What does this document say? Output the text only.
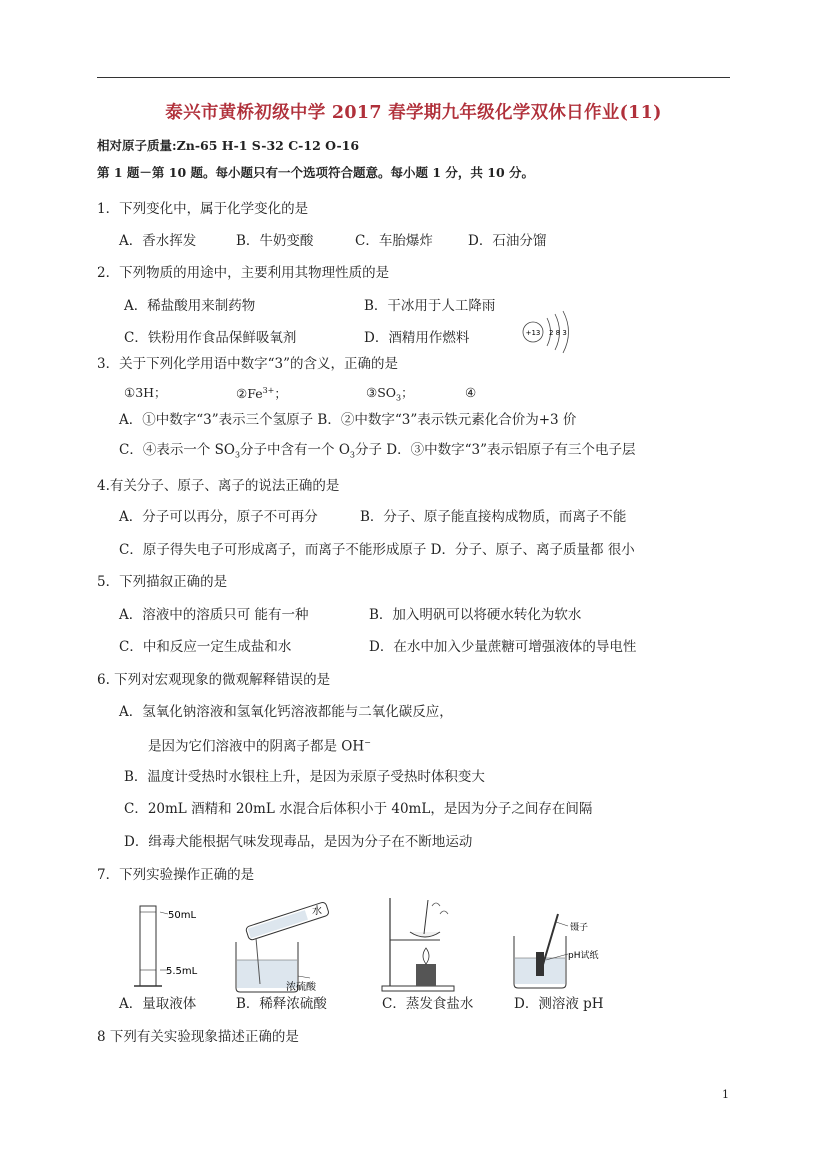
泰兴市黄桥初级中学 2017 春学期九年级化学双休日作业(11)
相对原子质量:Zn-65 H-1 S-32 C-12 O-16
第 1 题－第 10 题。每小题只有一个选项符合题意。每小题 1 分，共 10 分。
1．下列变化中，属于化学变化的是
A．香水挥发	B．牛奶变酸	C．车胎爆炸	D．石油分馏
2．下列物质的用途中，主要利用其物理性质的是
A．稀盐酸用来制药物	B．干冰用于人工降雨
C．铁粉用作食品保鲜吸氧剂	D．酒精用作燃料	+13 2 8 3
3．关于下列化学用语中数字“3”的含义，正确的是
①3H；	$②Fe^{3+}$；	$③SO_3$；	④
A．①中数字“3”表示三个氢原子 B．②中数字“3”表示铁元素化合价为+3 价
C．④表示一个 $SO_3$分子中含有一个 $O_3$分子 D．③中数字“3”表示铝原子有三个电子层
4.有关分子、原子、离子的说法正确的是
A．分子可以再分，原子不可再分	B．分子、原子能直接构成物质，而离子不能
C．原子得失电子可形成离子，而离子不能形成原子 D．分子、原子、离子质量都 很小
5．下列描叙正确的是
A．溶液中的溶质只可 能有一种	B．加入明矾可以将硬水转化为软水
C．中和反应一定生成盐和水	D．在水中加入少量蔗糖可增强液体的导电性
6. 下列对宏观现象的微观解释错误的是
A．氢氧化钠溶液和氢氧化钙溶液都能与二氧化碳反应，
是因为它们溶液中的阴离子都是 OH−
B．温度计受热时水银柱上升，是因为汞原子受热时体积变大
C．20mL 酒精和 20mL 水混合后体积小于 40mL，是因为分子之间存在间隔
D．缉毒犬能根据气味发现毒品，是因为分子在不断地运动
7．下列实验操作正确的是
50mL
5.5mL
水
浓硫酸
镊子
pH试纸
A．量取液体	B．稀释浓硫酸	C．蒸发食盐水	D．测溶液 pH
8 下列有关实验现象描述正确的是
1
